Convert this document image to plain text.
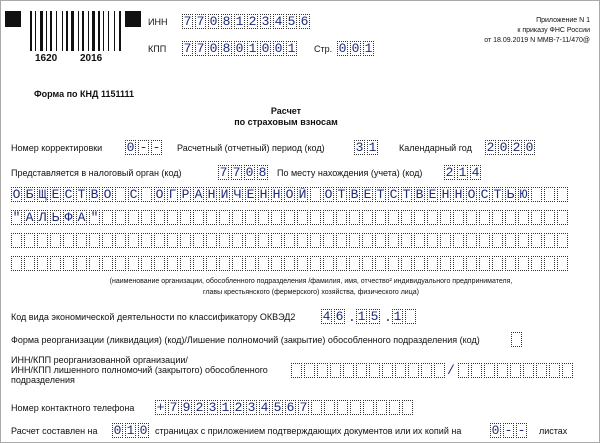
1620 2016
ИНН 7 7 0 8 1 2 3 4 5 6
КПП 7 7 0 8 0 1 0 0 1 Стр. 0 0 1
Приложение N 1
к приказу ФНС России
от 18.09.2019 N ММВ-7-11/470@
Форма по КНД 1151111
Расчет
по страховым взносам
Номер корректировки 0 - - Расчетный (отчетный) период (код) 3 1	Календарный год 2 0 2 0
Представляется в налоговый орган (код)	7 7 0 8 По месту нахождения (учета) (код) 2 1 4
О Б Щ Е С Т В О С О Г Р А Н И Ч Е Н Н О Й О Т В Е Т С Т В Е Н Н О С Т Ь Ю
" А Л Ь Ф А "
(наименование организации, обособленного подразделения /фамилия, имя, отчество² индивидуального предпринимателя,
главы крестьянского (фермерского) хозяйства, физического лица)
Код вида экономической деятельности по классификатору ОКВЭД2 4 6 . 1 5 . 1
Форма реорганизации (ликвидация) (код)/Лишение полномочий (закрытие) обособленного подразделения (код)
ИНН/КПП реорганизованной организации/
ИНН/КПП лишенного полномочий (закрытого) обособленного
подразделения
/
Номер контактного телефона + 7 9 2 3 1 2 3 4 5 6 7
Расчет составлен на 0 1 0 страницах с приложением подтверждающих документов или их копий на 0 - - листах
